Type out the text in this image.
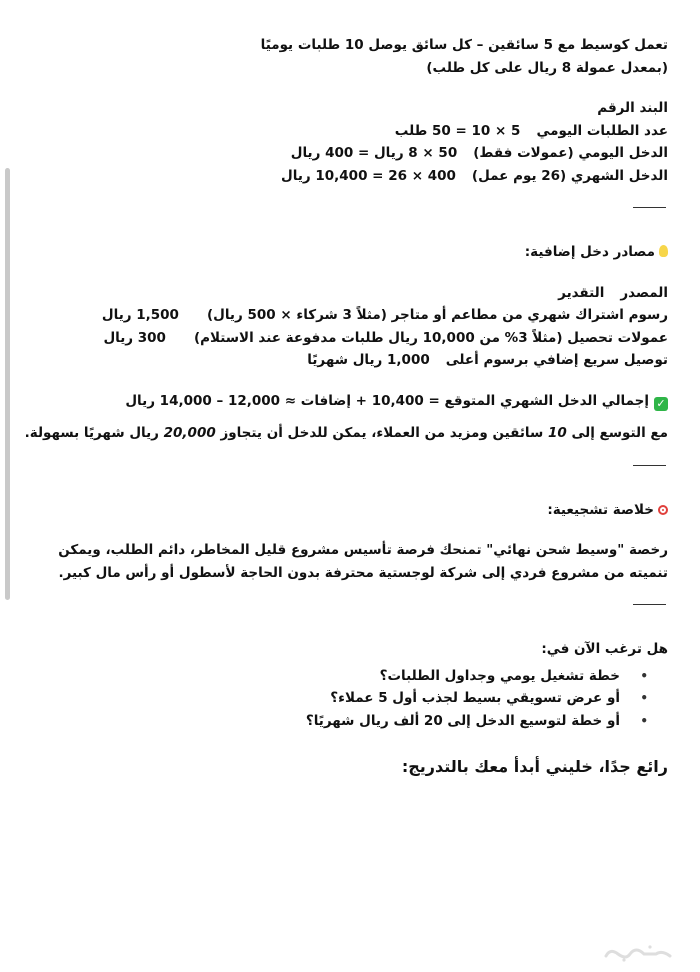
تعمل كوسيط مع 5 سائقين – كل سائق يوصل 10 طلبات يوميًا
(بمعدل عمولة 8 ريال على كل طلب)
البند الرقم
عدد الطلبات اليومي5 × 10 = 50 طلب
الدخل اليومي (عمولات فقط)50 × 8 ريال = 400 ريال
الدخل الشهري (26 يوم عمل)400 × 26 = 10,400 ريال
مصادر دخل إضافية:
المصدرالتقدير
رسوم اشتراك شهري من مطاعم أو متاجر (مثلاً 3 شركاء × 500 ريال)1,500 ريال
عمولات تحصيل (مثلاً 3% من 10,000 ريال طلبات مدفوعة عند الاستلام)300 ريال
توصيل سريع إضافي برسوم أعلى1,000 ريال شهريًا
✓إجمالي الدخل الشهري المتوقع = 10,400 + إضافات ≈ 12,000 – 14,000 ريال
مع التوسع إلى 10 سائقين ومزيد من العملاء، يمكن للدخل أن يتجاوز 20,000 ريال شهريًا بسهولة.
خلاصة تشجيعية:
رخصة "وسيط شحن نهائي" تمنحك فرصة تأسيس مشروع قليل المخاطر، دائم الطلب، ويمكن تنميته من مشروع فردي إلى شركة لوجستية محترفة بدون الحاجة لأسطول أو رأس مال كبير.
هل ترغب الآن في:
• خطة تشغيل يومي وجداول الطلبات؟
• أو عرض تسويقي بسيط لجذب أول 5 عملاء؟
• أو خطة لتوسيع الدخل إلى 20 ألف ريال شهريًا؟
رائع جدًا، خليني أبدأ معك بالتدريج:
